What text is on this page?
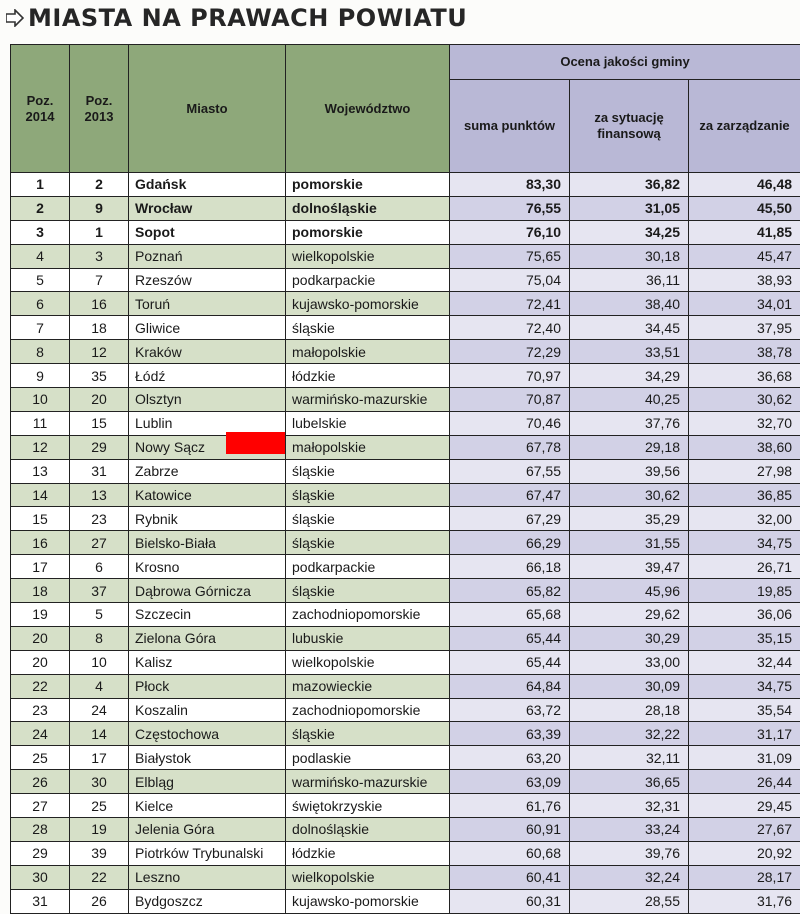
MIASTA NA PRAWACH POWIATU
Poz. 2014	Poz. 2013	Miasto	Województwo	Ocena jakości gminy		
				suma punktów	za sytuację finansową	za zarządzanie
1	2	Gdańsk	pomorskie	83,30	36,82	46,48
2	9	Wrocław	dolnośląskie	76,55	31,05	45,50
3	1	Sopot	pomorskie	76,10	34,25	41,85
4	3	Poznań	wielkopolskie	75,65	30,18	45,47
5	7	Rzeszów	podkarpackie	75,04	36,11	38,93
6	16	Toruń	kujawsko-pomorskie	72,41	38,40	34,01
7	18	Gliwice	śląskie	72,40	34,45	37,95
8	12	Kraków	małopolskie	72,29	33,51	38,78
9	35	Łódź	łódzkie	70,97	34,29	36,68
10	20	Olsztyn	warmińsko-mazurskie	70,87	40,25	30,62
11	15	Lublin	lubelskie	70,46	37,76	32,70
12	29	Nowy Sącz	małopolskie	67,78	29,18	38,60
13	31	Zabrze	śląskie	67,55	39,56	27,98
14	13	Katowice	śląskie	67,47	30,62	36,85
15	23	Rybnik	śląskie	67,29	35,29	32,00
16	27	Bielsko-Biała	śląskie	66,29	31,55	34,75
17	6	Krosno	podkarpackie	66,18	39,47	26,71
18	37	Dąbrowa Górnicza	śląskie	65,82	45,96	19,85
19	5	Szczecin	zachodniopomorskie	65,68	29,62	36,06
20	8	Zielona Góra	lubuskie	65,44	30,29	35,15
20	10	Kalisz	wielkopolskie	65,44	33,00	32,44
22	4	Płock	mazowieckie	64,84	30,09	34,75
23	24	Koszalin	zachodniopomorskie	63,72	28,18	35,54
24	14	Częstochowa	śląskie	63,39	32,22	31,17
25	17	Białystok	podlaskie	63,20	32,11	31,09
26	30	Elbląg	warmińsko-mazurskie	63,09	36,65	26,44
27	25	Kielce	świętokrzyskie	61,76	32,31	29,45
28	19	Jelenia Góra	dolnośląskie	60,91	33,24	27,67
29	39	Piotrków Trybunalski	łódzkie	60,68	39,76	20,92
30	22	Leszno	wielkopolskie	60,41	32,24	28,17
31	26	Bydgoszcz	kujawsko-pomorskie	60,31	28,55	31,76
